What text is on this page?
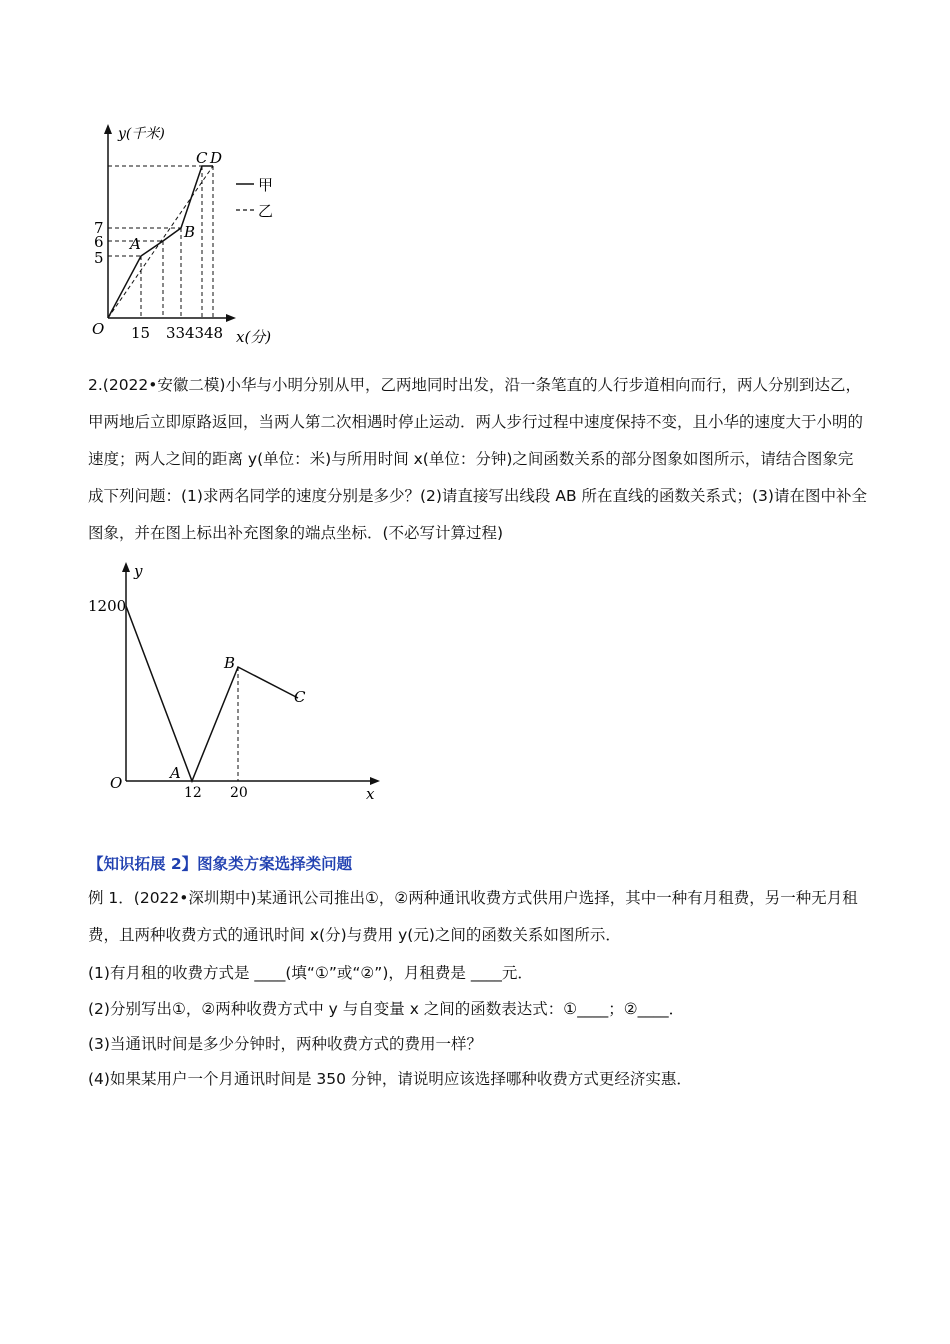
甲
乙
y(千米)
x(分)
O
7
6
5
15 33 43 48
A
B
C D

2.(2022•安徽二模)小华与小明分别从甲，乙两地同时出发，沿一条笔直的人行步道相向而行，两人分别到达乙，甲两地后立即原路返回，当两人第二次相遇时停止运动．两人步行过程中速度保持不变，且小华的速度大于小明的速度；两人之间的距离 y(单位：米)与所用时间 x(单位：分钟)之间函数关系的部分图象如图所示，请结合图象完成下列问题：(1)求两名同学的速度分别是多少？(2)请直接写出线段 AB 所在直线的函数关系式；(3)请在图中补全图象，并在图上标出补充图象的端点坐标．(不必写计算过程)

y
1200
O
A
B
C
12 20	x
【知识拓展 2】图象类方案选择类问题

例 1．(2022•深圳期中)某通讯公司推出①，②两种通讯收费方式供用户选择，其中一种有月租费，另一种无月租费，且两种收费方式的通讯时间 x(分)与费用 y(元)之间的函数关系如图所示．

(1)有月租的收费方式是 ____(填“①”或“②”)，月租费是 ____元．
(2)分别写出①，②两种收费方式中 y 与自变量 x 之间的函数表达式：①____；②____．
(3)当通讯时间是多少分钟时，两种收费方式的费用一样？
(4)如果某用户一个月通讯时间是 350 分钟，请说明应该选择哪种收费方式更经济实惠．
